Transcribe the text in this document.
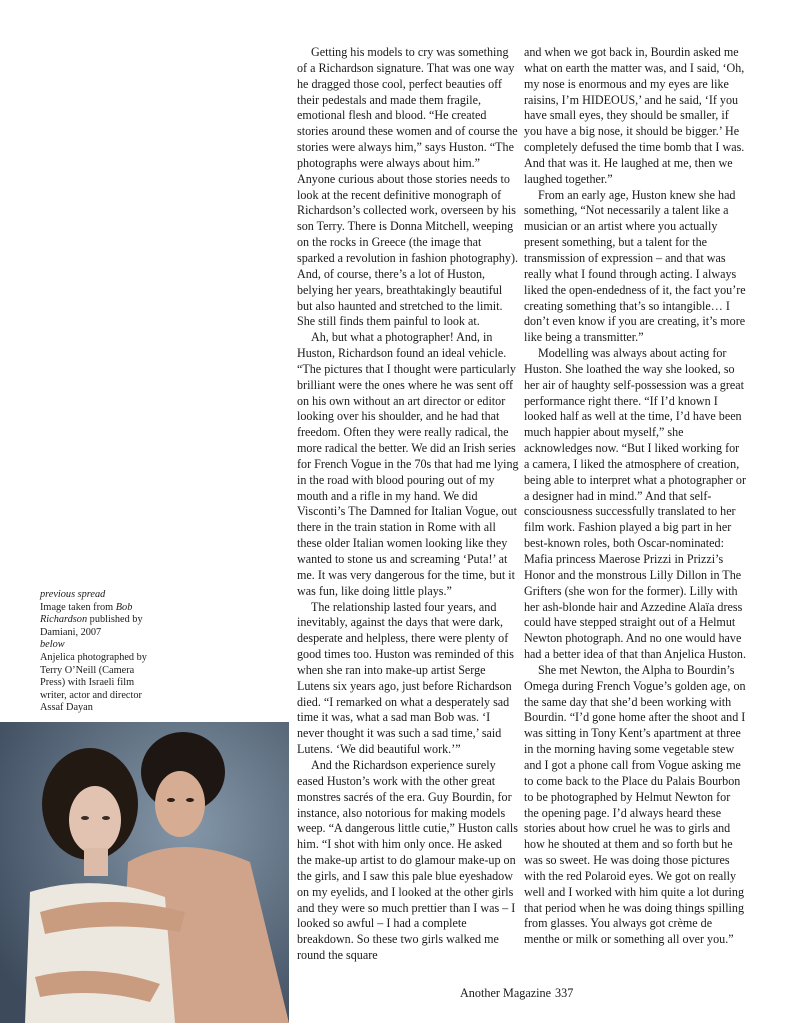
Getting his models to cry was something of a Richardson signature. That was one way he dragged those cool, perfect beauties off their pedestals and made them fragile, emotional flesh and blood. “He created stories around these women and of course the stories were always him,” says Huston. “The photographs were always about him.” Anyone curious about those stories needs to look at the recent definitive monograph of Richardson’s collected work, overseen by his son Terry. There is Donna Mitchell, weeping on the rocks in Greece (the image that sparked a revolution in fashion photography). And, of course, there’s a lot of Huston, belying her years, breathtakingly beautiful but also haunted and stretched to the limit. She still finds them painful to look at.

Ah, but what a photographer! And, in Huston, Richardson found an ideal vehicle. “The pictures that I thought were particularly brilliant were the ones where he was sent off on his own without an art director or editor looking over his shoulder, and he had that freedom. Often they were really radical, the more radical the better. We did an Irish series for French Vogue in the 70s that had me lying in the road with blood pouring out of my mouth and a rifle in my hand. We did Visconti’s The Damned for Italian Vogue, out there in the train station in Rome with all these older Italian women looking like they wanted to stone us and screaming ‘Puta!’ at me. It was very dangerous for the time, but it was fun, like doing little plays.”

The relationship lasted four years, and inevitably, against the days that were dark, desperate and helpless, there were plenty of good times too. Huston was reminded of this when she ran into make-up artist Serge Lutens six years ago, just before Richardson died. “I remarked on what a desperately sad time it was, what a sad man Bob was. ‘I never thought it was such a sad time,’ said Lutens. ‘We did beautiful work.’”

And the Richardson experience surely eased Huston’s work with the other great monstres sacrés of the era. Guy Bourdin, for instance, also notorious for making models weep. “A dangerous little cutie,” Huston calls him. “I shot with him only once. He asked the make-up artist to do glamour make-up on the girls, and I saw this pale blue eyeshadow on my eyelids, and I looked at the other girls and they were so much prettier than I was – I looked so awful – I had a complete breakdown. So these two girls walked me round the square

and when we got back in, Bourdin asked me what on earth the matter was, and I said, ‘Oh, my nose is enormous and my eyes are like raisins, I’m HIDEOUS,’ and he said, ‘If you have small eyes, they should be smaller, if you have a big nose, it should be bigger.’ He completely defused the time bomb that I was. And that was it. He laughed at me, then we laughed together.”

From an early age, Huston knew she had something, “Not necessarily a talent like a musician or an artist where you actually present something, but a talent for the transmission of expression – and that was really what I found through acting. I always liked the open-endedness of it, the fact you’re creating something that’s so intangible… I don’t even know if you are creating, it’s more like being a transmitter.”

Modelling was always about acting for Huston. She loathed the way she looked, so her air of haughty self-possession was a great performance right there. “If I’d known I looked half as well at the time, I’d have been much happier about myself,” she acknowledges now. “But I liked working for a camera, I liked the atmosphere of creation, being able to interpret what a photographer or a designer had in mind.” And that self-consciousness successfully translated to her film work. Fashion played a big part in her best-known roles, both Oscar-nominated: Mafia princess Maerose Prizzi in Prizzi’s Honor and the monstrous Lilly Dillon in The Grifters (she won for the former). Lilly with her ash-blonde hair and Azzedine Alaïa dress could have stepped straight out of a Helmut Newton photograph. And no one would have had a better idea of that than Anjelica Huston.

She met Newton, the Alpha to Bourdin’s Omega during French Vogue’s golden age, on the same day that she’d been working with Bourdin. “I’d gone home after the shoot and I was sitting in Tony Kent’s apartment at three in the morning having some vegetable stew and I got a phone call from Vogue asking me to come back to the Place du Palais Bourbon to be photographed by Helmut Newton for the opening page. I’d always heard these stories about how cruel he was to girls and how he shouted at them and so forth but he was so sweet. He was doing those pictures with the red Polaroid eyes. We got on really well and I worked with him quite a lot during that period when he was doing things spilling from glasses. You always got crème de menthe or milk or something all over you.”

previous spread
Image taken from Bob Richardson published by Damiani, 2007
below
Anjelica photographed by Terry O’Neill (Camera Press) with Israeli film writer, actor and director Assaf Dayan
Another Magazine 337
